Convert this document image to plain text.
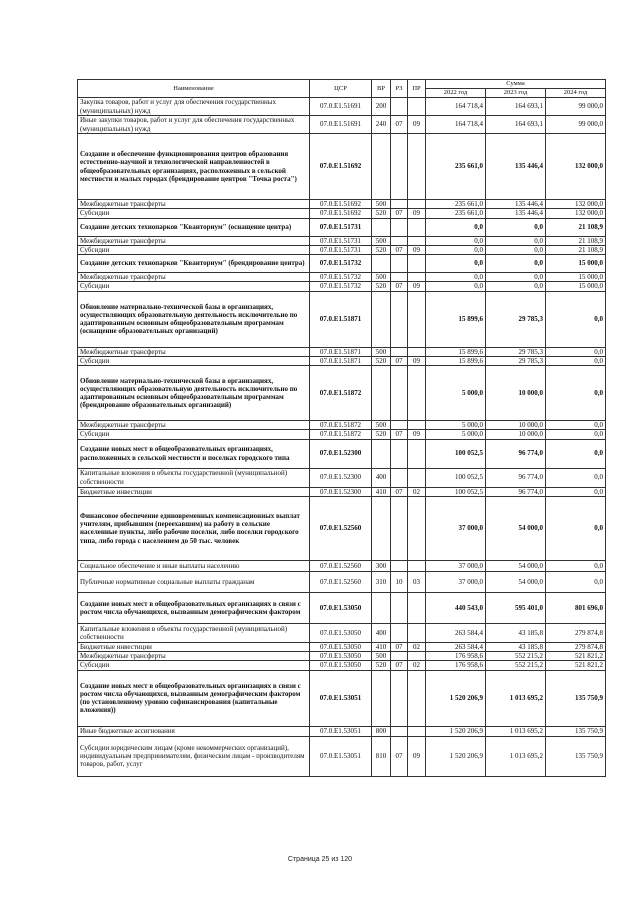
Наименование	ЦСР	ВР	РЗ	ПР	Сумма		
					2022 год	2023 год	2024 год
Закупка товаров, работ и услуг для обеспечения государственных (муниципальных) нужд	07.0.E1.51691	200			164 718,4	164 693,1	99 000,0
Иные закупки товаров, работ и услуг для обеспечения государственных (муниципальных) нужд	07.0.E1.51691	240	07	09	164 718,4	164 693,1	99 000,0
Создание и обеспечение функционирования центров образования естественно-научной и технологической направленностей в общеобразовательных организациях, расположенных в сельской местности и малых городах (брендирование центров "Точка роста")	07.0.E1.51692				235 661,0	135 446,4	132 000,0
Межбюджетные трансферты	07.0.E1.51692	500			235 661,0	135 446,4	132 000,0
Субсидии	07.0.E1.51692	520	07	09	235 661,0	135 446,4	132 000,0
Создание детских технопарков "Кванториум" (оснащение центра)	07.0.E1.51731				0,0	0,0	21 108,9
Межбюджетные трансферты	07.0.E1.51731	500			0,0	0,0	21 108,9
Субсидии	07.0.E1.51731	520	07	09	0,0	0,0	21 108,9
Создание детских технопарков "Кванториум" (брендирование центра)	07.0.E1.51732				0,0	0,0	15 000,0
Межбюджетные трансферты	07.0.E1.51732	500			0,0	0,0	15 000,0
Субсидии	07.0.E1.51732	520	07	09	0,0	0,0	15 000,0
Обновление материально-технической базы в организациях, осуществляющих образовательную деятельность исключительно по адаптированным основным общеобразовательным программам (оснащение образовательных организаций)	07.0.E1.51871				15 899,6	29 785,3	0,0
Межбюджетные трансферты	07.0.E1.51871	500			15 899,6	29 785,3	0,0
Субсидии	07.0.E1.51871	520	07	09	15 899,6	29 785,3	0,0
Обновление материально-технической базы в организациях, осуществляющих образовательную деятельность исключительно по адаптированным основным общеобразовательным программам (брендирование образовательных организаций)	07.0.E1.51872				5 000,0	10 000,0	0,0
Межбюджетные трансферты	07.0.E1.51872	500			5 000,0	10 000,0	0,0
Субсидии	07.0.E1.51872	520	07	09	5 000,0	10 000,0	0,0
Создание новых мест в общеобразовательных организациях, расположенных в сельской местности и поселках городского типа	07.0.E1.52300				100 052,5	96 774,0	0,0
Капитальные вложения в объекты государственной (муниципальной) собственности	07.0.E1.52300	400			100 052,5	96 774,0	0,0
Бюджетные инвестиции	07.0.E1.52300	410	07	02	100 052,5	96 774,0	0,0
Финансовое обеспечение единовременных компенсационных выплат учителям, прибывшим (переехавшим) на работу в сельские населенные пункты, либо рабочие поселки, либо поселки городского типа, либо города с населением до 50 тыс. человек	07.0.E1.52560				37 000,0	54 000,0	0,0
Социальное обеспечение и иные выплаты населению	07.0.E1.52560	300			37 000,0	54 000,0	0,0
Публичные нормативные социальные выплаты гражданам	07.0.E1.52560	310	10	03	37 000,0	54 000,0	0,0
Создание новых мест в общеобразовательных организациях в связи с ростом числа обучающихся, вызванным демографическим фактором	07.0.E1.53050				440 543,0	595 401,0	801 696,0
Капитальные вложения в объекты государственной (муниципальной) собственности	07.0.E1.53050	400			263 584,4	43 185,8	279 874,8
Бюджетные инвестиции	07.0.E1.53050	410	07	02	263 584,4	43 185,8	279 874,8
Межбюджетные трансферты	07.0.E1.53050	500			176 958,6	552 215,2	521 821,2
Субсидии	07.0.E1.53050	520	07	02	176 958,6	552 215,2	521 821,2
Создание новых мест в общеобразовательных организациях в связи с ростом числа обучающихся, вызванным демографическим фактором (по установленному уровню софинансирования (капитальные вложения))	07.0.E1.53051				1 520 206,9	1 013 695,2	135 750,9
Иные бюджетные ассигнования	07.0.E1.53051	800			1 520 206,9	1 013 695,2	135 750,9
Субсидии юридическим лицам (кроме некоммерческих организаций), индивидуальным предпринимателям, физическим лицам - производителям товаров, работ, услуг	07.0.E1.53051	810	07	09	1 520 206,9	1 013 695,2	135 750,9
Страница 25 из 120
